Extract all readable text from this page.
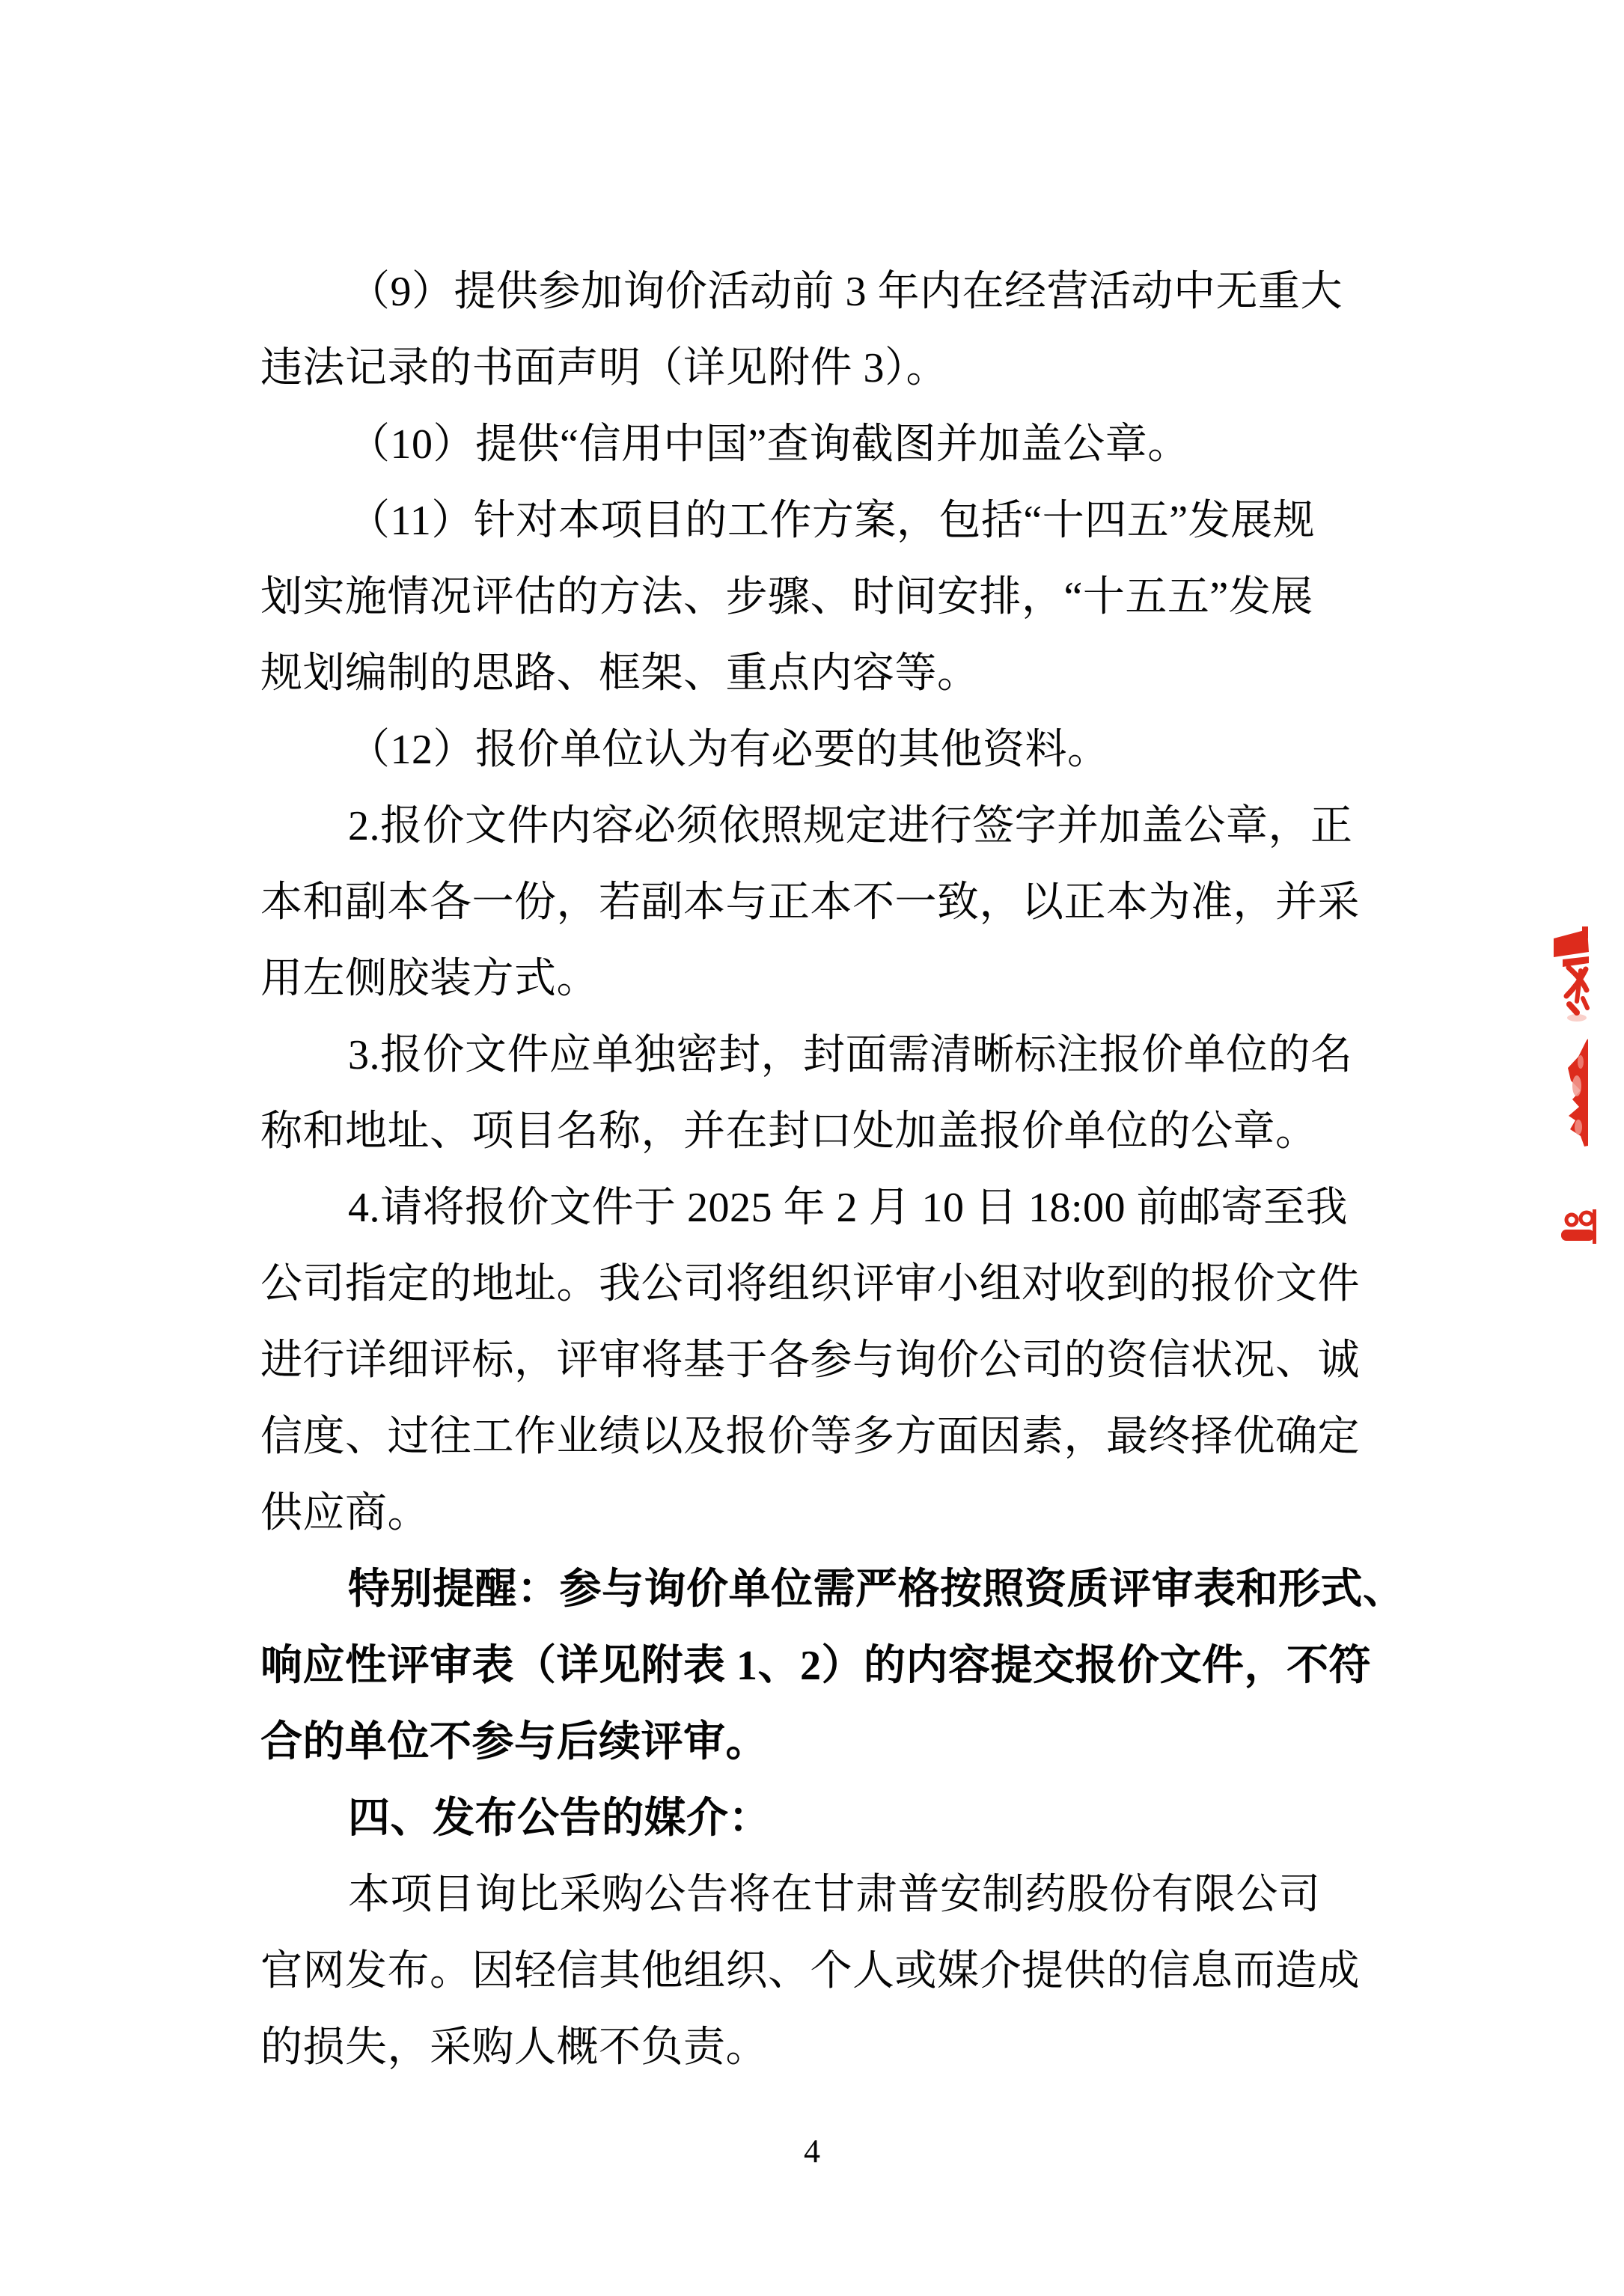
（9）提供参加询价活动前 3 年内在经营活动中无重大
违法记录的书面声明（详见附件 3）。
（10）提供“信用中国”查询截图并加盖公章。
（11）针对本项目的工作方案，包括“十四五”发展规
划实施情况评估的方法、步骤、时间安排，“十五五”发展
规划编制的思路、框架、重点内容等。
（12）报价单位认为有必要的其他资料。
2.报价文件内容必须依照规定进行签字并加盖公章，正
本和副本各一份，若副本与正本不一致，以正本为准，并采
用左侧胶装方式。
3.报价文件应单独密封，封面需清晰标注报价单位的名
称和地址、项目名称，并在封口处加盖报价单位的公章。
4.请将报价文件于 2025 年 2 月 10 日 18:00 前邮寄至我
公司指定的地址。我公司将组织评审小组对收到的报价文件
进行详细评标，评审将基于各参与询价公司的资信状况、诚
信度、过往工作业绩以及报价等多方面因素，最终择优确定
供应商。
特别提醒：参与询价单位需严格按照资质评审表和形式、
响应性评审表（详见附表 1、2）的内容提交报价文件，不符
合的单位不参与后续评审。
四、发布公告的媒介：
本项目询比采购公告将在甘肃普安制药股份有限公司
官网发布。因轻信其他组织、个人或媒介提供的信息而造成
的损失，采购人概不负责。
4
